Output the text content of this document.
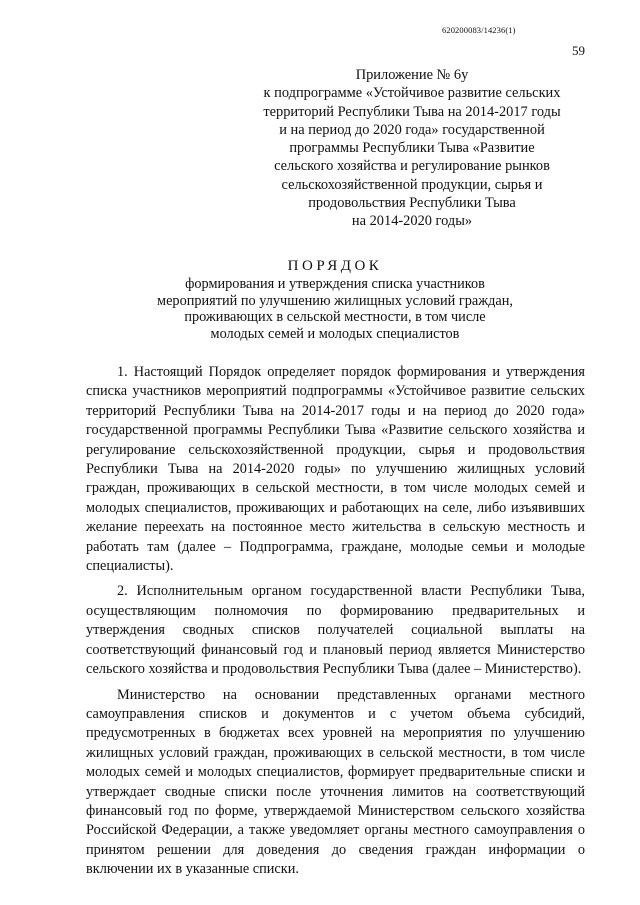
620200083/14236(1)
59
Приложение № 6у
к подпрограмме «Устойчивое развитие сельских
территорий Республики Тыва на 2014-2017 годы
и на период до 2020 года» государственной
программы Республики Тыва «Развитие
сельского хозяйства и регулирование рынков
сельскохозяйственной продукции, сырья и
продовольствия Республики Тыва
на 2014-2020 годы»
ПОРЯДОК
формирования и утверждения списка участников
мероприятий по улучшению жилищных условий граждан,
проживающих в сельской местности, в том числе
молодых семей и молодых специалистов

1. Настоящий Порядок определяет порядок формирования и утверждения списка участников мероприятий подпрограммы «Устойчивое развитие сельских территорий Республики Тыва на 2014-2017 годы и на период до 2020 года» государственной программы Республики Тыва «Развитие сельского хозяйства и регулирование сельскохозяйственной продукции, сырья и продовольствия Республики Тыва на 2014-2020 годы» по улучшению жилищных условий граждан, проживающих в сельской местности, в том числе молодых семей и молодых специалистов, проживающих и работающих на селе, либо изъявивших желание переехать на постоянное место жительства в сельскую местность и работать там (далее – Подпрограмма, граждане, молодые семьи и молодые специалисты).

2. Исполнительным органом государственной власти Республики Тыва, осуществляющим полномочия по формированию предварительных и утверждения сводных списков получателей социальной выплаты на соответствующий финансовый год и плановый период является Министерство сельского хозяйства и продовольствия Республики Тыва (далее – Министерство).

Министерство на основании представленных органами местного самоуправления списков и документов и с учетом объема субсидий, предусмотренных в бюджетах всех уровней на мероприятия по улучшению жилищных условий граждан, проживающих в сельской местности, в том числе молодых семей и молодых специалистов, формирует предварительные списки и утверждает сводные списки после уточнения лимитов на соответствующий финансовый год по форме, утверждаемой Министерством сельского хозяйства Российской Федерации, а также уведомляет органы местного самоуправления о принятом решении для доведения до сведения граждан информации о включении их в указанные списки.
